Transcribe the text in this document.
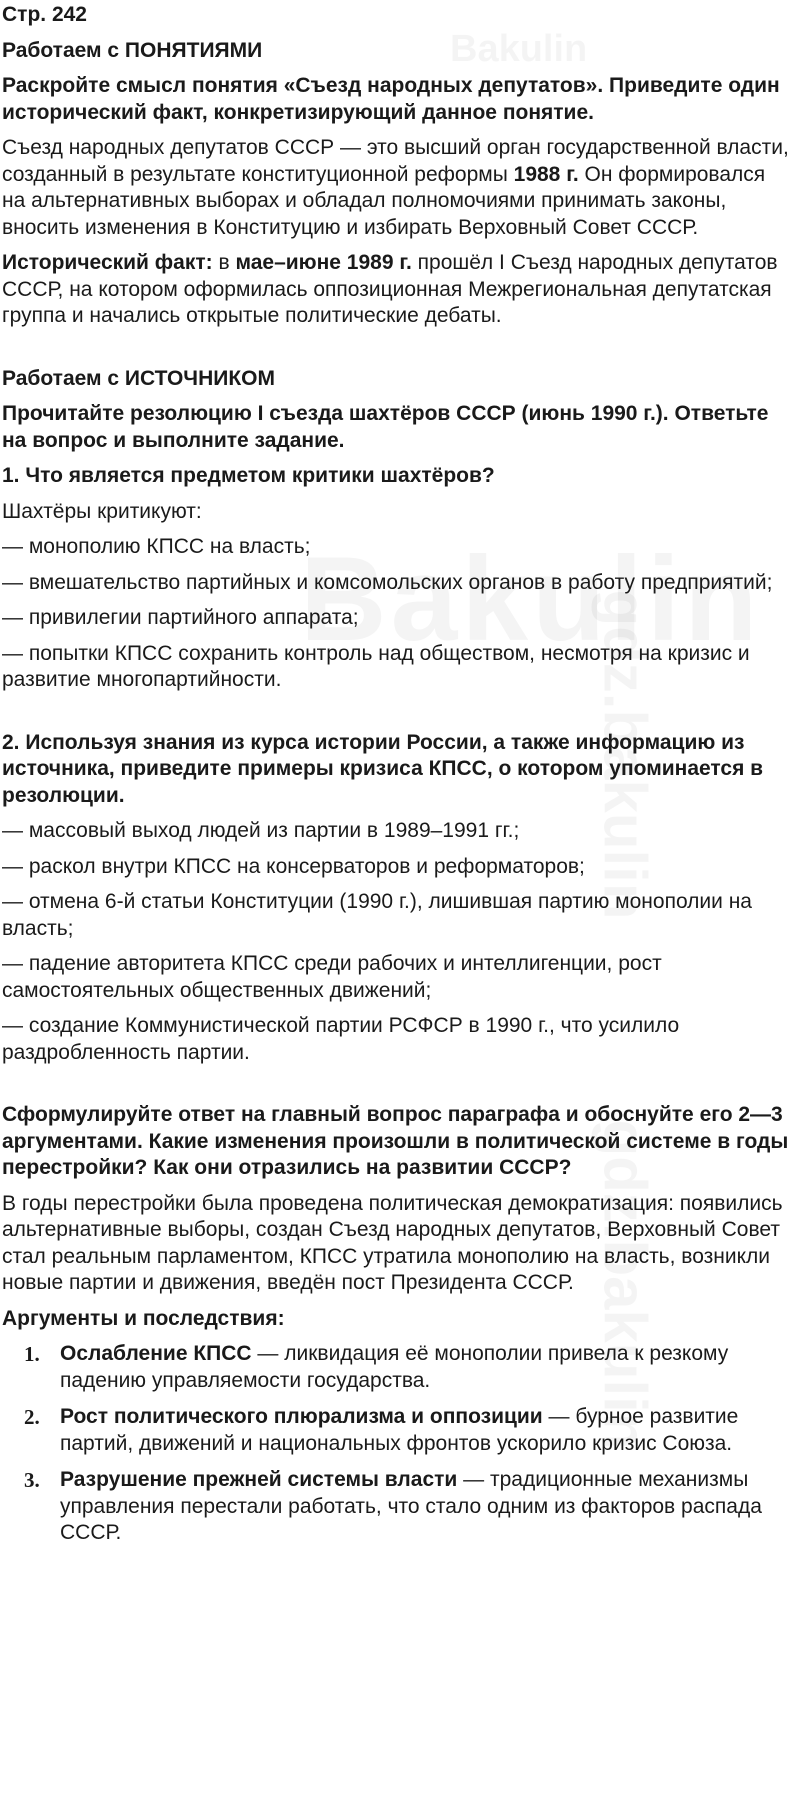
Стр. 242

Работаем с ПОНЯТИЯМИ

Раскройте смысл понятия «Съезд народных депутатов». Приведите один исторический факт, конкретизирующий данное понятие.

Съезд народных депутатов СССР — это высший орган государственной власти, созданный в результате конституционной реформы 1988 г. Он формировался на альтернативных выборах и обладал полномочиями принимать законы, вносить изменения в Конституцию и избирать Верховный Совет СССР.

Исторический факт: в мае–июне 1989 г. прошёл I Съезд народных депутатов СССР, на котором оформилась оппозиционная Межрегиональная депутатская группа и начались открытые политические дебаты.

Работаем с ИСТОЧНИКОМ

Прочитайте резолюцию I съезда шахтёров СССР (июнь 1990 г.). Ответьте на вопрос и выполните задание.

1. Что является предметом критики шахтёров?

Шахтёры критикуют:

— монополию КПСС на власть;

— вмешательство партийных и комсомольских органов в работу предприятий;

— привилегии партийного аппарата;

— попытки КПСС сохранить контроль над обществом, несмотря на кризис и развитие многопартийности.

2. Используя знания из курса истории России, а также информацию из источника, приведите примеры кризиса КПСС, о котором упоминается в резолюции.

— массовый выход людей из партии в 1989–1991 гг.;

— раскол внутри КПСС на консерваторов и реформаторов;

— отмена 6-й статьи Конституции (1990 г.), лишившая партию монополии на власть;

— падение авторитета КПСС среди рабочих и интеллигенции, рост самостоятельных общественных движений;

— создание Коммунистической партии РСФСР в 1990 г., что усилило раздробленность партии.

Сформулируйте ответ на главный вопрос параграфа и обоснуйте его 2—3 аргументами. Какие изменения произошли в политической системе в годы перестройки? Как они отразились на развитии СССР?

В годы перестройки была проведена политическая демократизация: появились альтернативные выборы, создан Съезд народных депутатов, Верховный Совет стал реальным парламентом, КПСС утратила монополию на власть, возникли новые партии и движения, введён пост Президента СССР.

Аргументы и последствия:

1. Ослабление КПСС — ликвидация её монополии привела к резкому падению управляемости государства.
2. Рост политического плюрализма и оппозиции — бурное развитие партий, движений и национальных фронтов ускорило кризис Союза.
3. Разрушение прежней системы власти — традиционные механизмы управления перестали работать, что стало одним из факторов распада СССР.
